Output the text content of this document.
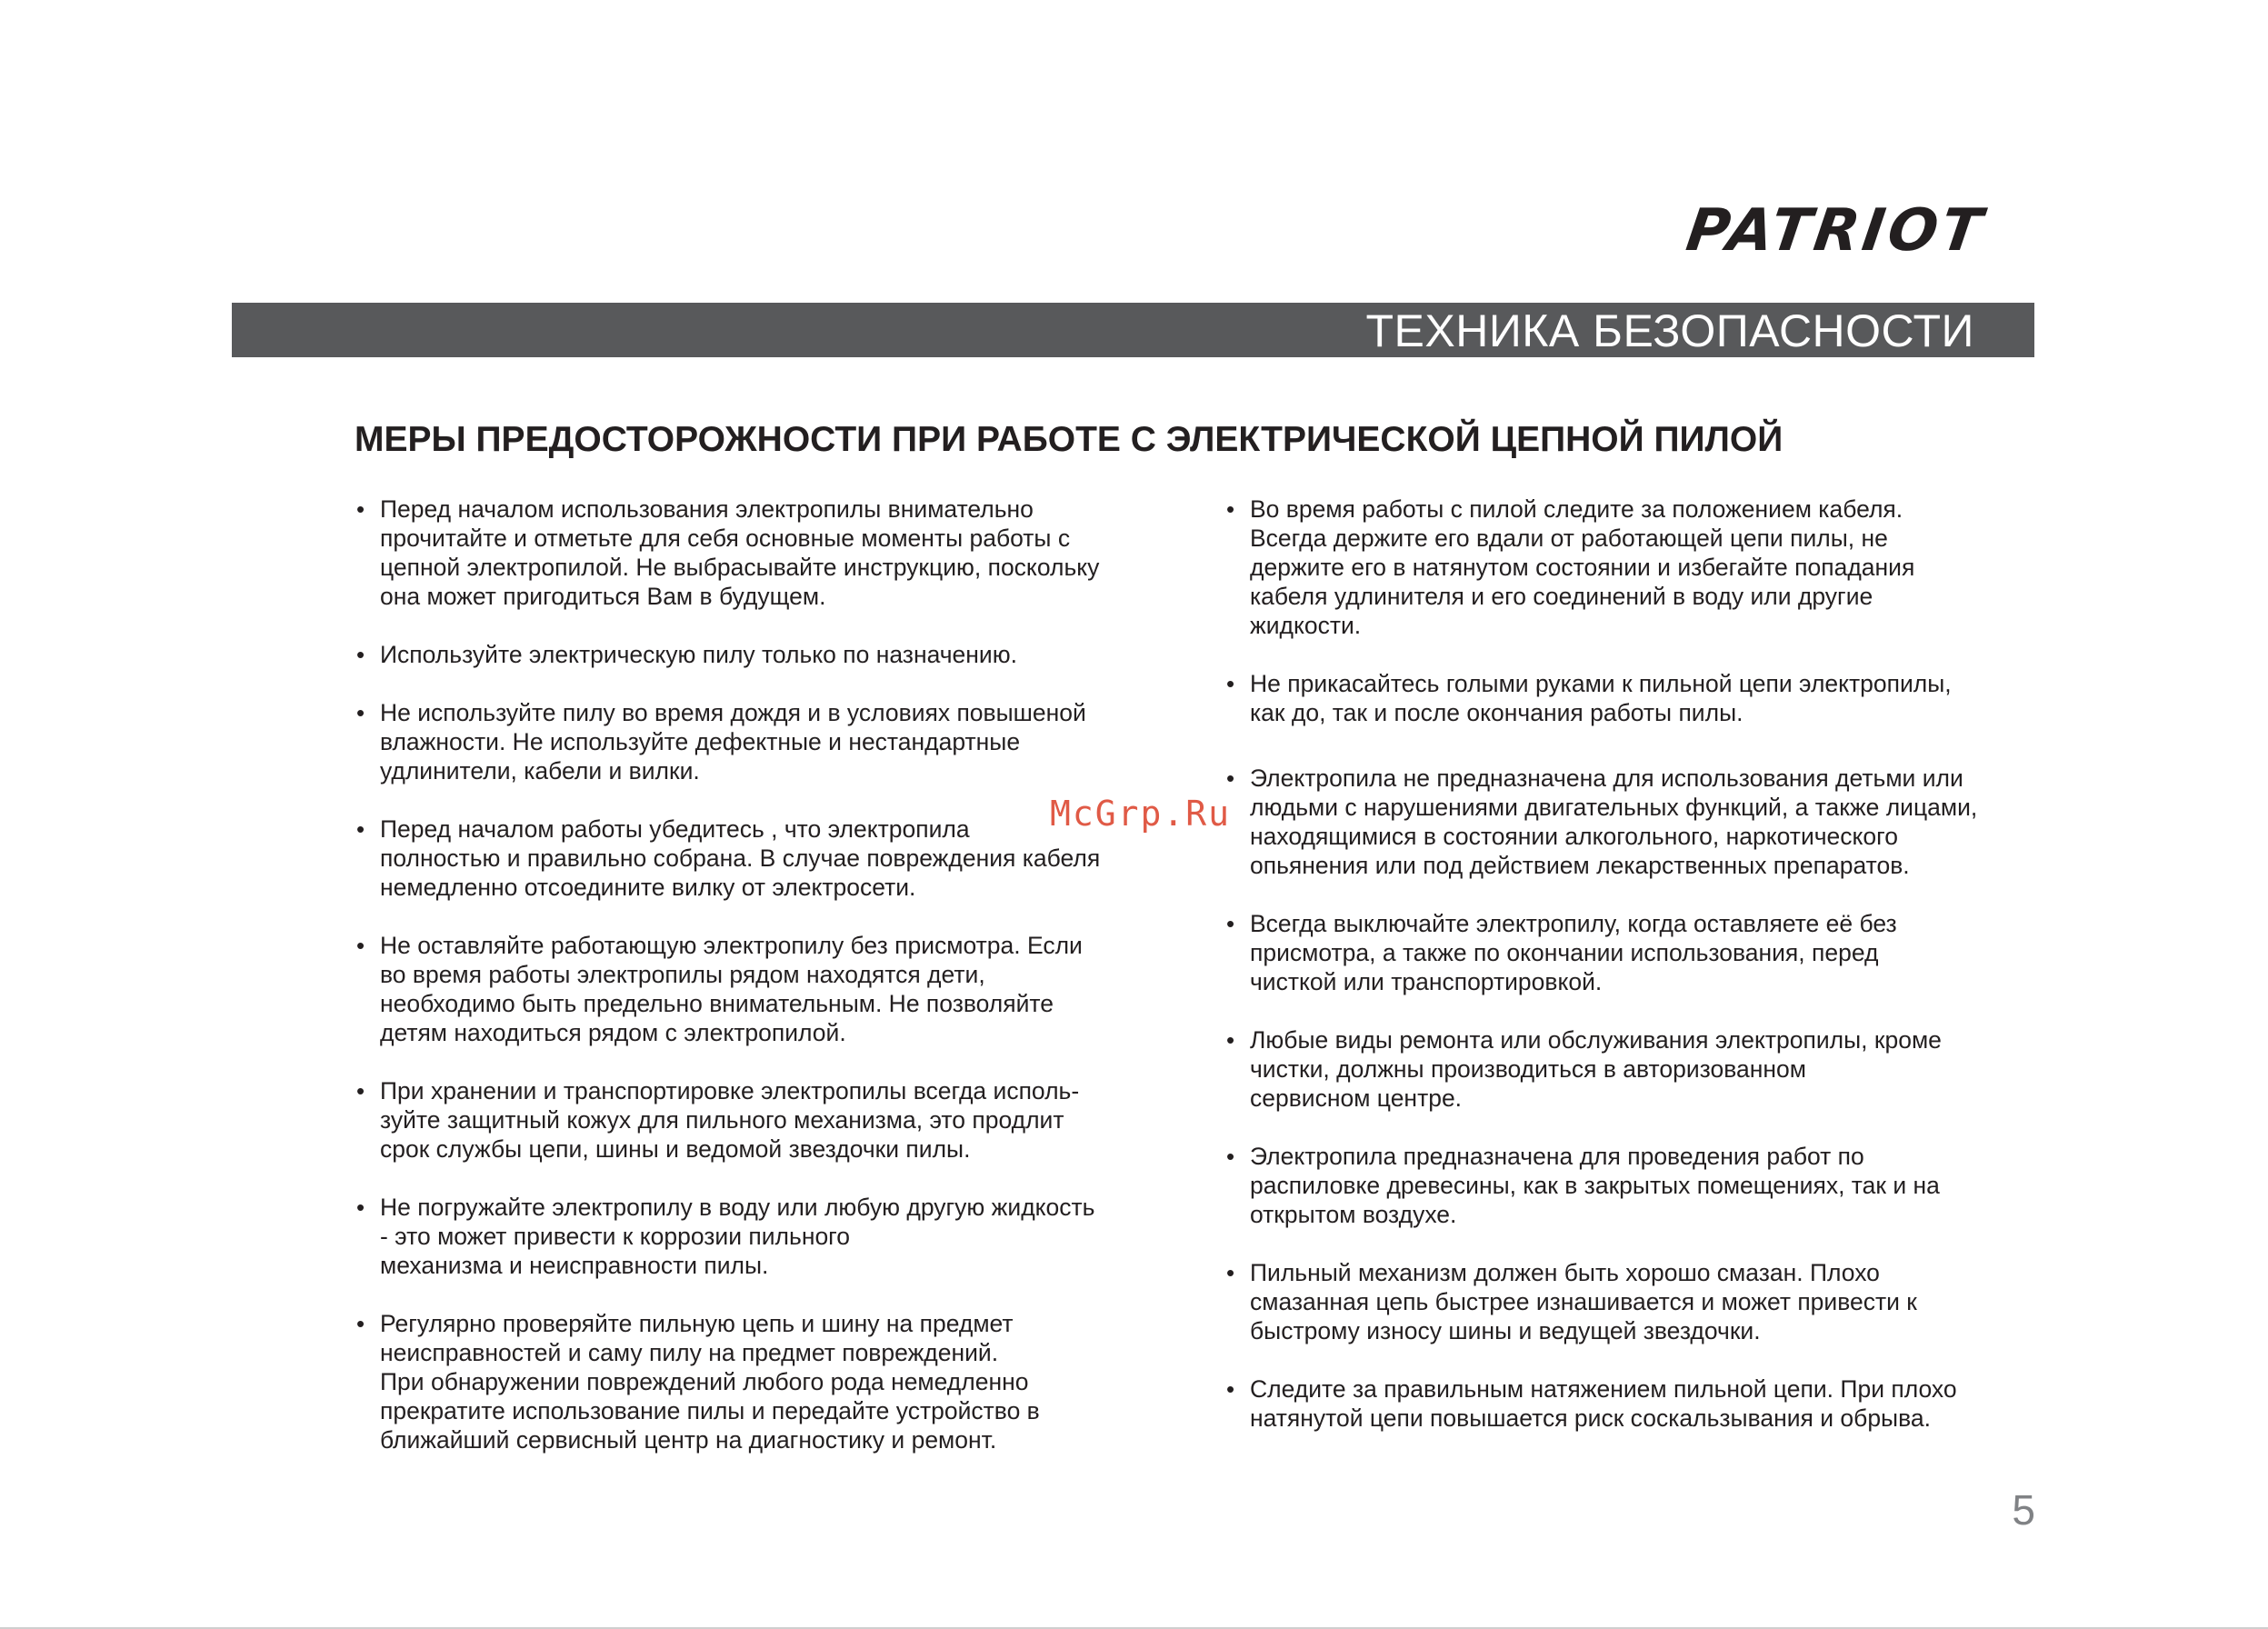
PATRIOT
ТЕХНИКА БЕЗОПАСНОСТИ
МЕРЫ ПРЕДОСТОРОЖНОСТИ ПРИ РАБОТЕ С ЭЛЕКТРИЧЕСКОЙ ЦЕПНОЙ ПИЛОЙ
• Перед началом использования электропилы внимательно
прочитайте и отметьте для себя основные моменты работы с
цепной электропилой. Не выбрасывайте инструкцию, поскольку
она может пригодиться Вам в будущем.
• Используйте электрическую пилу только по назначению.
• Не используйте пилу во время дождя и в условиях повышеной
влажности. Не используйте дефектные и нестандартные
удлинители, кабели и вилки.
• Перед началом работы убедитесь , что электропила
полностью и правильно собрана. В случае повреждения кабеля
немедленно отсоедините вилку от электросети.
• Не оставляйте работающую электропилу без присмотра. Если
во время работы электропилы рядом находятся дети,
необходимо быть предельно внимательным. Не позволяйте
детям находиться рядом с электропилой.
• При хранении и транспортировке электропилы всегда исполь-
зуйте защитный кожух для пильного механизма, это продлит
срок службы цепи, шины и ведомой звездочки пилы.
• Не погружайте электропилу в воду или любую другую жидкость
- это может привести к коррозии пильного
механизма и неисправности пилы.
• Регулярно проверяйте пильную цепь и шину на предмет
неисправностей и саму пилу на предмет повреждений.
При обнаружении повреждений любого рода немедленно
прекратите использование пилы и передайте устройство в
ближайший сервисный центр на диагностику и ремонт.
• Во время работы с пилой следите за положением кабеля.
Всегда держите его вдали от работающей цепи пилы, не
держите его в натянутом состоянии и избегайте попадания
кабеля удлинителя и его соединений в воду или другие
жидкости.
• Не прикасайтесь голыми руками к пильной цепи электропилы,
как до, так и после окончания работы пилы.
• Электропила не предназначена для использования детьми или
людьми с нарушениями двигательных функций, а также лицами,
находящимися в состоянии алкогольного, наркотического
опьянения или под действием лекарственных препаратов.
• Всегда выключайте электропилу, когда оставляете её без
присмотра, а также по окончании использования, перед
чисткой или транспортировкой.
• Любые виды ремонта или обслуживания электропилы, кроме
чистки, должны производиться в авторизованном
сервисном центре.
• Электропила предназначена для проведения работ по
распиловке древесины, как в закрытых помещениях, так и на
открытом воздухе.
• Пильный механизм должен быть хорошо смазан. Плохо
смазанная цепь быстрее изнашивается и может привести к
быстрому износу шины и ведущей звездочки.
• Следите за правильным натяжением пильной цепи. При плохо
натянутой цепи повышается риск соскальзывания и обрыва.
McGrp.Ru
5
